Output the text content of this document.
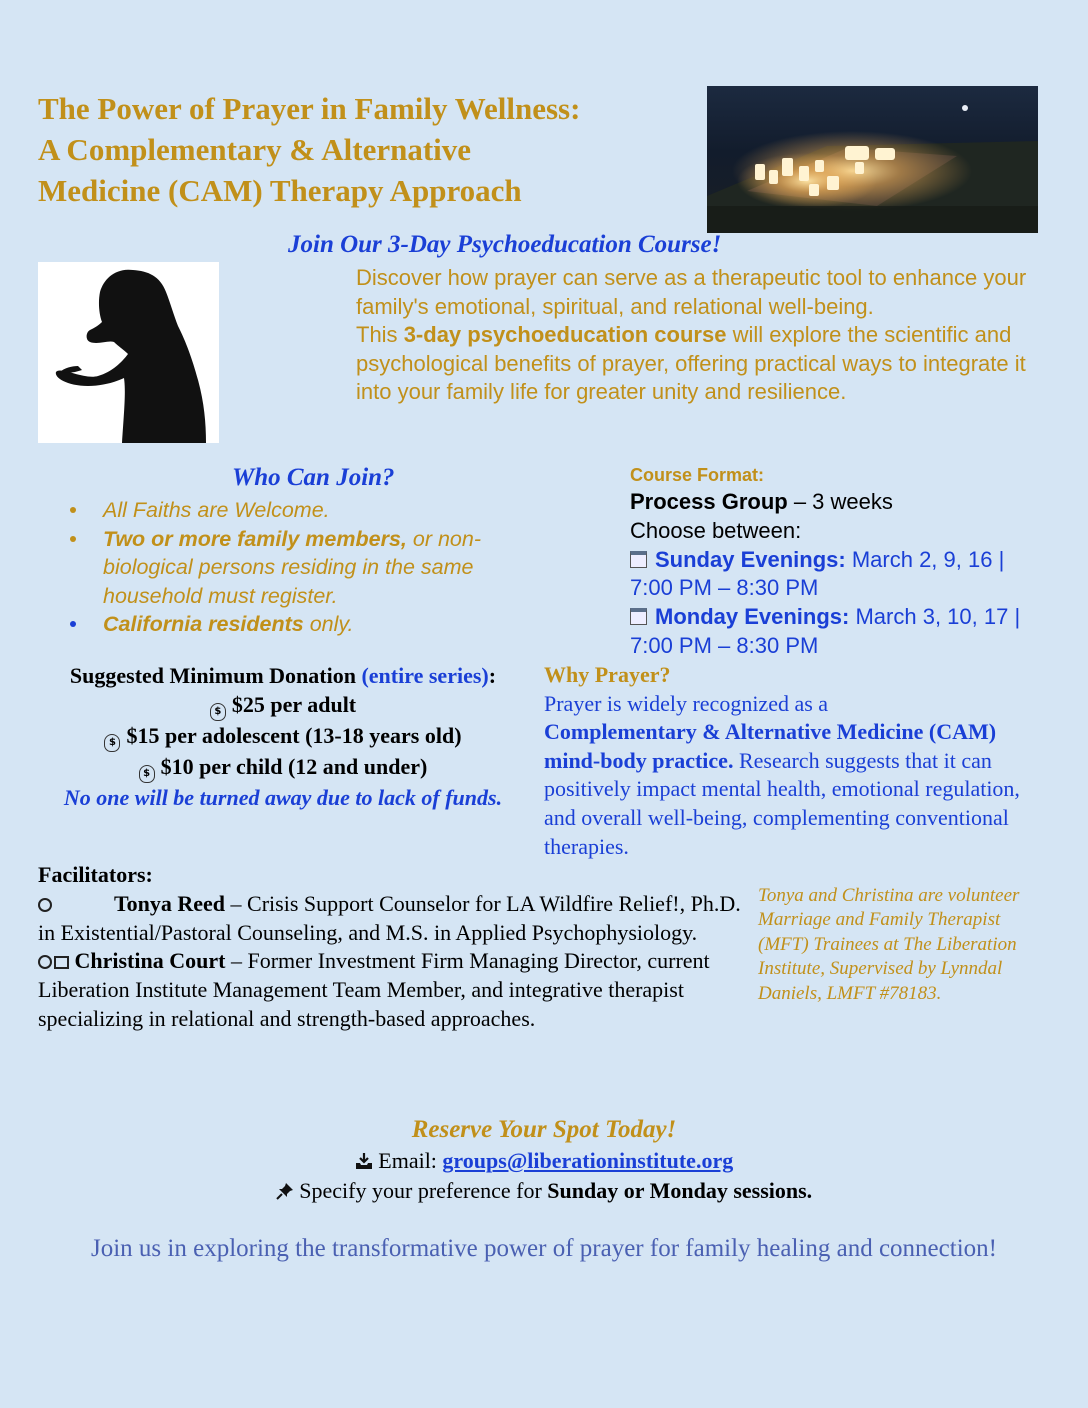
The Power of Prayer in Family Wellness:
A Complementary & Alternative
Medicine (CAM) Therapy Approach
Join Our 3-Day Psychoeducation Course!

Discover how prayer can serve as a therapeutic tool to enhance your family's emotional, spiritual, and relational well-being.

This 3-day psychoeducation course will explore the scientific and psychological benefits of prayer, offering practical ways to integrate it into your family life for greater unity and resilience.

Who Can Join?
All Faiths are Welcome.
Two or more family members, or non-biological persons residing in the same household must register.
California residents only.
Course Format:
Process Group – 3 weeks
Choose between:
Sunday Evenings: March 2, 9, 16 | 7:00 PM – 8:30 PM
Monday Evenings: March 3, 10, 17 | 7:00 PM – 8:30 PM
Suggested Minimum Donation (entire series):
$ $25 per adult
$ $15 per adolescent (13-18 years old)
$ $10 per child (12 and under)
No one will be turned away due to lack of funds.
Why Prayer?
Prayer is widely recognized as a
Complementary & Alternative Medicine (CAM) mind-body practice. Research suggests that it can positively impact mental health, emotional regulation, and overall well-being, complementing conventional therapies.
Facilitators:
Tonya Reed – Crisis Support Counselor for LA Wildfire Relief!, Ph.D. in Existential/Pastoral Counseling, and M.S. in Applied Psychophysiology.
Christina Court – Former Investment Firm Managing Director, current Liberation Institute Management Team Member, and integrative therapist specializing in relational and strength-based approaches.
Tonya and Christina are volunteer Marriage and Family Therapist (MFT) Trainees at The Liberation Institute, Supervised by Lynndal Daniels, LMFT #78183.
Reserve Your Spot Today!
Email: groups@liberationinstitute.org
Specify your preference for Sunday or Monday sessions.
Join us in exploring the transformative power of prayer for family healing and connection!
